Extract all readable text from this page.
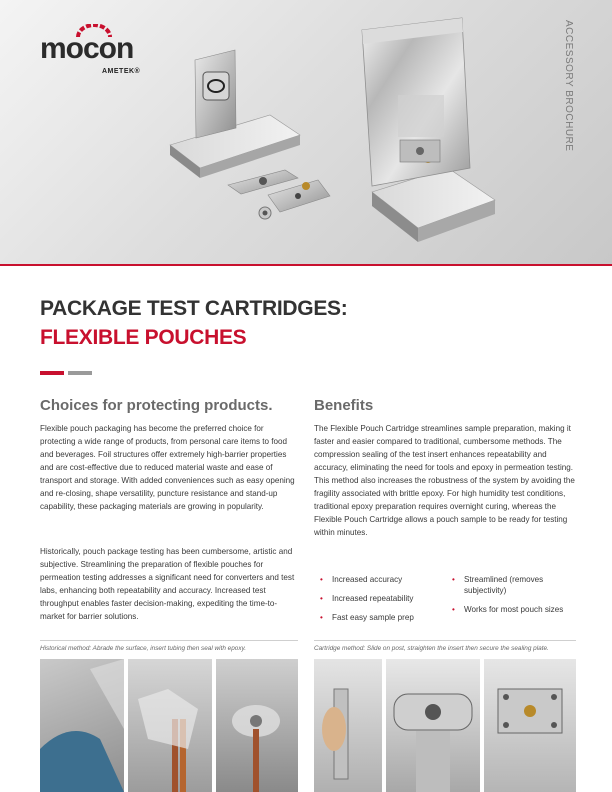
mocon
AMETEK®	ACCESSORY BROCHURE
PACKAGE TEST CARTRIDGES:
FLEXIBLE POUCHES
Choices for protecting products.

Flexible pouch packaging has become the preferred choice for protecting a wide range of products, from personal care items to food and beverages. Foil structures offer extremely high-barrier properties and are cost-effective due to reduced material waste and ease of transport and storage. With added conveniences such as easy opening and re-closing, shape versatility, puncture resistance and stand-up capability, these packaging materials are growing in popularity.

Historically, pouch package testing has been cumbersome, artistic and subjective. Streamlining the preparation of flexible pouches for permeation testing addresses a significant need for converters and test labs, enhancing both repeatability and accuracy. Increased test throughput enables faster decision-making, expediting the time-to-market for barrier solutions.

Benefits

The Flexible Pouch Cartridge streamlines sample preparation, making it faster and easier compared to traditional, cumbersome methods. The compression sealing of the test insert enhances repeatability and accuracy, eliminating the need for tools and epoxy in permeation testing. This method also increases the robustness of the system by avoiding the fragility associated with brittle epoxy. For high humidity test conditions, traditional epoxy preparation requires overnight curing, whereas the Flexible Pouch Cartridge allows a pouch sample to be ready for testing within minutes.

• Increased accuracy
• Increased repeatability
• Fast easy sample prep
• Streamlined (removes subjectivity)
• Works for most pouch sizes
Historical method: Abrade the surface, insert tubing then seal with epoxy.	Cartridge method: Slide on post, straighten the insert then secure the sealing plate.
